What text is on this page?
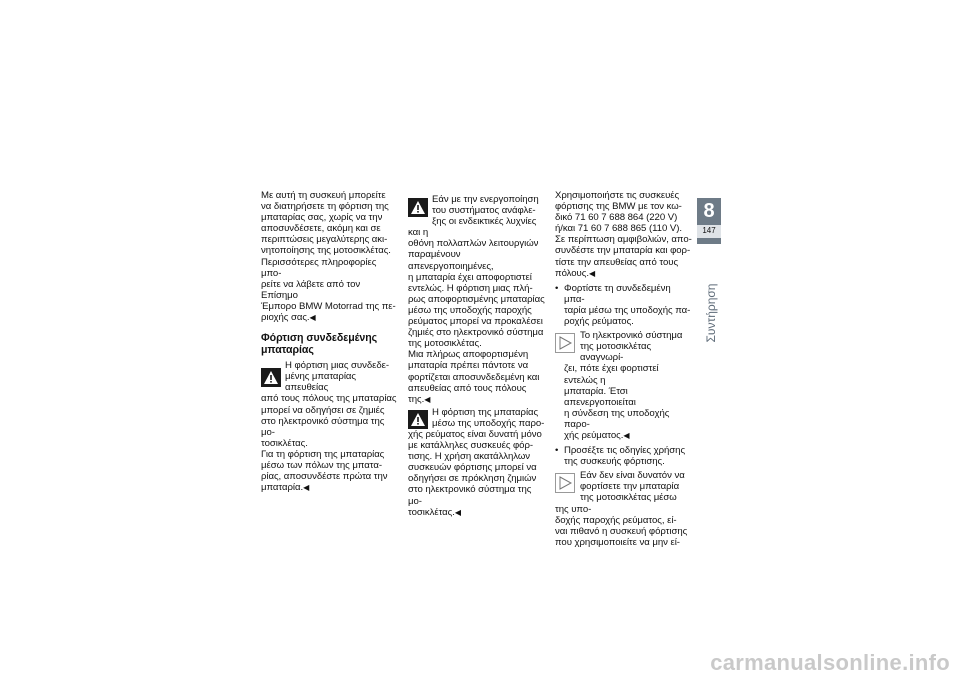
Με αυτή τη συσκευή μπορείτε
να διατηρήσετε τη φόρτιση της
μπαταρίας σας, χωρίς να την
αποσυνδέσετε, ακόμη και σε
περιπτώσεις μεγαλύτερης ακι-
νητοποίησης της μοτοσικλέτας.
Περισσότερες πληροφορίες μπο-
ρείτε να λάβετε από τον Επίσημο
Έμπορο BMW Motorrad της πε-
ριοχής σας.◀

Φόρτιση συνδεδεμένης
μπαταρίας

Η φόρτιση μιας συνδεδε-
μένης μπαταρίας απευθείας
από τους πόλους της μπαταρίας
μπορεί να οδηγήσει σε ζημιές
στο ηλεκτρονικό σύστημα της μο-
τοσικλέτας.

Για τη φόρτιση της μπαταρίας
μέσω των πόλων της μπατα-
ρίας, αποσυνδέστε πρώτα την
μπαταρία.◀

Εάν με την ενεργοποίηση
του συστήματος ανάφλε-
ξης οι ενδεικτικές λυχνίες και η
οθόνη πολλαπλών λειτουργιών
παραμένουν απενεργοποιημένες,
η μπαταρία έχει αποφορτιστεί
εντελώς. Η φόρτιση μιας πλή-
ρως αποφορτισμένης μπαταρίας
μέσω της υποδοχής παροχής
ρεύματος μπορεί να προκαλέσει
ζημιές στο ηλεκτρονικό σύστημα
της μοτοσικλέτας.

Μια πλήρως αποφορτισμένη
μπαταρία πρέπει πάντοτε να
φορτίζεται αποσυνδεδεμένη και
απευθείας από τους πόλους
της.◀

Η φόρτιση της μπαταρίας
μέσω της υποδοχής παρο-
χής ρεύματος είναι δυνατή μόνο
με κατάλληλες συσκευές φόρ-
τισης. Η χρήση ακατάλληλων
συσκευών φόρτισης μπορεί να
οδηγήσει σε πρόκληση ζημιών
στο ηλεκτρονικό σύστημα της μο-
τοσικλέτας.◀

Χρησιμοποιήστε τις συσκευές
φόρτισης της BMW με τον κω-
δικό 71 60 7 688 864 (220 V)
ή/και 71 60 7 688 865 (110 V).
Σε περίπτωση αμφιβολιών, απο-
συνδέστε την μπαταρία και φορ-
τίστε την απευθείας από τους
πόλους.◀

• Φορτίστε τη συνδεδεμένη μπα-
ταρία μέσω της υποδοχής πα-
ροχής ρεύματος.

Το ηλεκτρονικό σύστημα
της μοτοσικλέτας αναγνωρί-
ζει, πότε έχει φορτιστεί εντελώς η
μπαταρία. Έτσι απενεργοποιείται
η σύνδεση της υποδοχής παρο-
χής ρεύματος.◀

• Προσέξτε τις οδηγίες χρήσης
της συσκευής φόρτισης.

Εάν δεν είναι δυνατόν να
φορτίσετε την μπαταρία
της μοτοσικλέτας μέσω της υπο-
δοχής παροχής ρεύματος, εί-
ναι πιθανό η συσκευή φόρτισης
που χρησιμοποιείτε να μην εί-

8
147
Συντήρηση
carmanualsonline.info
